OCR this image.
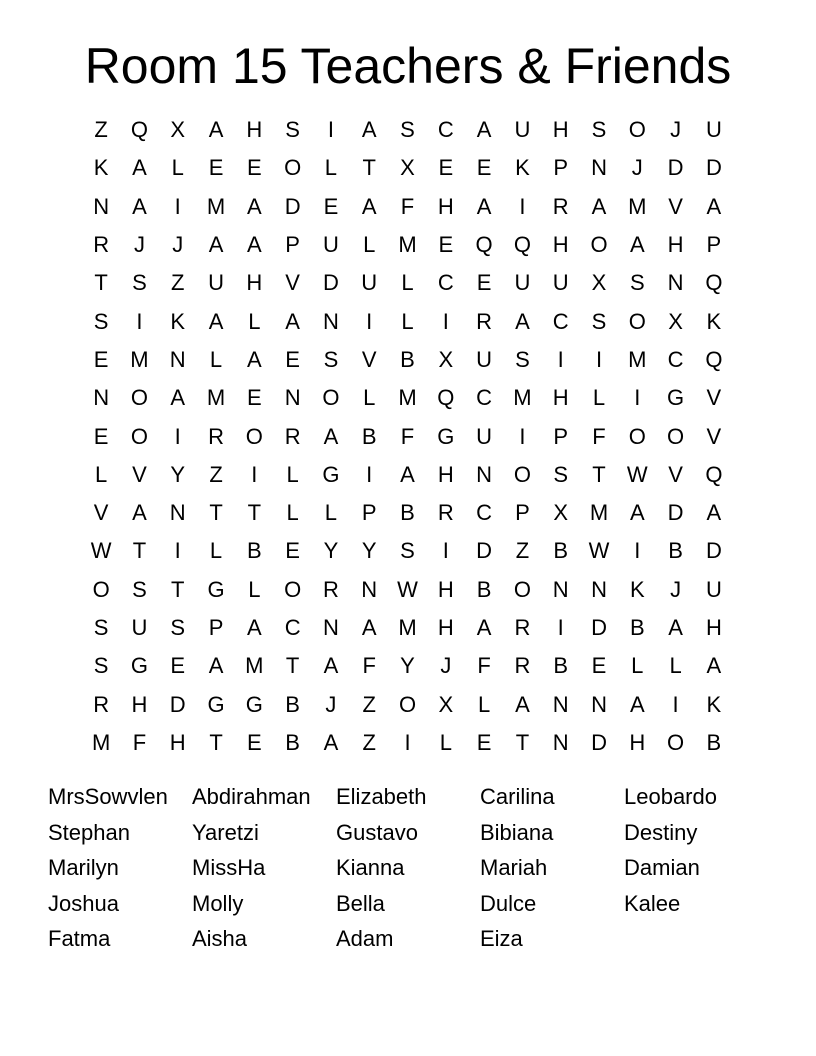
Room 15 Teachers & Friends
Z	Q	X	A	H	S	I	A	S	C	A	U	H	S	O	J	U
K	A	L	E	E	O	L	T	X	E	E	K	P	N	J	D	D
N	A	I	M A	D	E	A	F	H	A	I	R	A M V	A
R	J	J	A	A	P	U	L	M E	Q Q H O	A	H	P
T	S	Z	U	H	V	D	U	L	C	E	U	U	X	S	N Q
S	I	K	A	L	A	N	I	L	I	R	A	C	S	O	X	K
E M N	L	A	E	S	V	B	X	U	S	I	I	M C Q
N O	A M E	N O	L	M Q C M H	L	I	G	V
E	O	I	R O R	A	B	F	G U	I	P	F	O O	V
L	V	Y	Z	I	L	G	I	A	H	N O	S	T W V	Q
V	A	N	T	T	L	L	P	B	R	C	P	X M A	D	A
W T	I	L	B	E	Y	Y	S	I	D	Z	B W	I	B	D
O	S	T	G	L	O R	N W H	B	O N	N	K	J	U
S	U	S	P	A	C	N	A M H	A	R	I	D	B	A	H
S	G	E	A M	T	A	F	Y	J	F	R	B	E	L	L	A
R	H	D G G	B	J	Z	O	X	L	A	N	N	A	I	K
M	F	H	T	E	B	A	Z	I	L	E	T	N	D	H O	B
MrsSowvlen	Abdirahman	Elizabeth	Carilina	Leobardo
Stephan	Yaretzi	Gustavo	Bibiana	Destiny
Marilyn	MissHa	Kianna	Mariah	Damian
Joshua	Molly	Bella	Dulce	Kalee
Fatma	Aisha	Adam	Eiza
